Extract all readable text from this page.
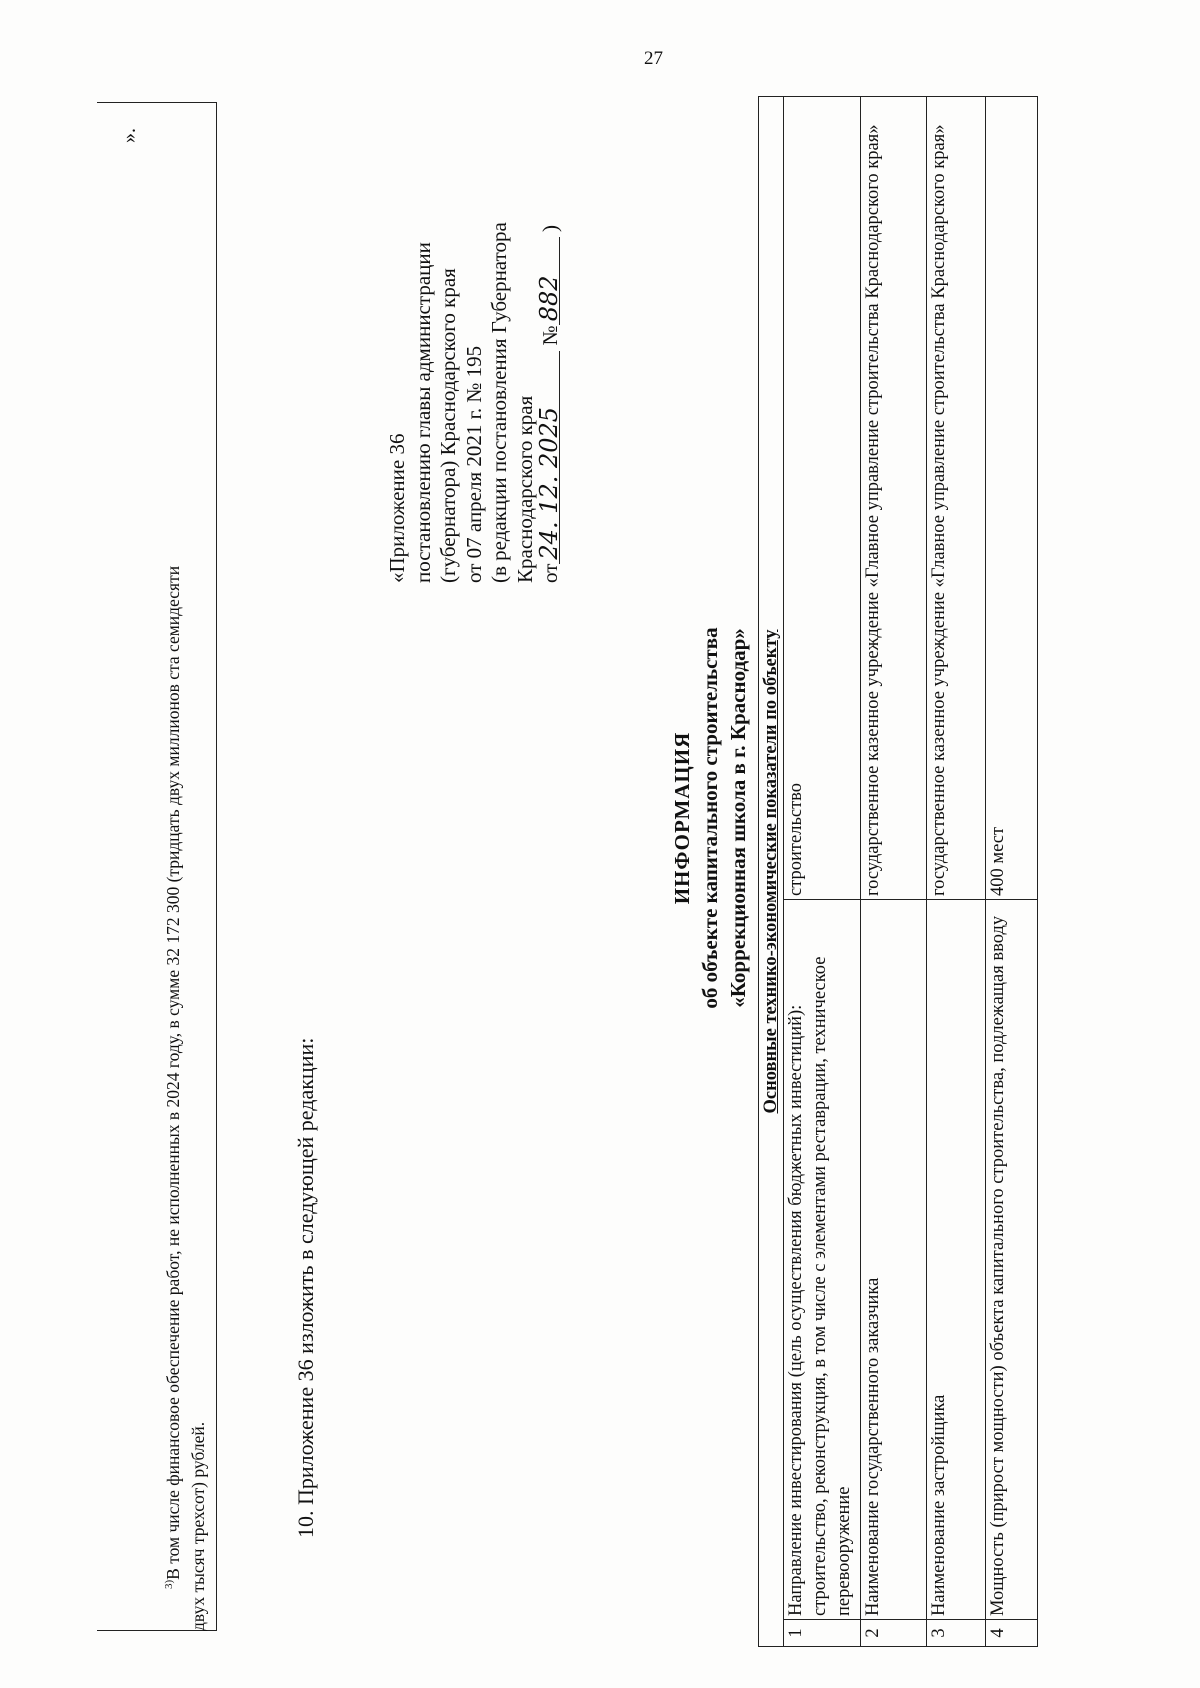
27
$^{3)}$В том числе финансовое обеспечение работ, не исполненных в 2024 году, в сумме 32 172 300 (тридцать двух миллионов ста семидесяти двух тысяч трехсот) рублей.
».
10. Приложение 36 изложить в следующей редакции:
«Приложение 36 постановлению главы администрации (губернатора) Краснодарского края от 07 апреля 2021 г. № 195 (в редакции постановления Губернатора Краснодарского края от24. 12. 2025 №882 )
ИНФОРМАЦИЯ об объекте капитального строительства «Коррекционная школа в г. Краснодар» Основные технико-экономические показатели по объекту		
1	Направление инвестирования (цель осуществления бюджетных инвестиций): строительство, реконструкция, в том числе с элементами реставрации, техническое перевооружение	строительство
2	Наименование государственного заказчика	государственное казенное учреждение «Главное управление строительства Краснодарского края»
3	Наименование застройщика	государственное казенное учреждение «Главное управление строительства Краснодарского края»
4	Мощность (прирост мощности) объекта капитального строительства, подлежащая вводу	400 мест
